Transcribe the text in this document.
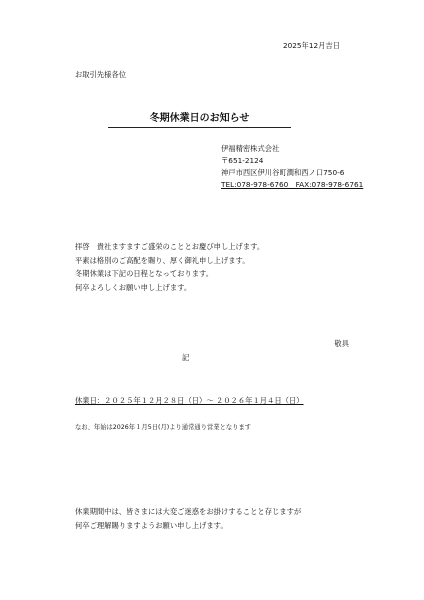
2025年12月吉日
お取引先様各位
冬期休業日のお知らせ
伊福精密株式会社
〒651-2124
神戸市西区伊川谷町潤和西ノ口750-6
TEL:078-978-6760　FAX:078-978-6761
拝啓　貴社ますますご盛栄のこととお慶び申し上げます。
平素は格別のご高配を賜り、厚く御礼申し上げます。
冬期休業は下記の日程となっております。
何卒よろしくお願い申し上げます。
敬具
記
休業日：２０２５年１２月２８日（日）～ ２０２６年１月４日（日）
なお、年始は2026年１月5日(月)より通常通り営業となります
休業期間中は、皆さまには大変ご迷惑をお掛けすることと存じますが
何卒ご理解賜りますようお願い申し上げます。
